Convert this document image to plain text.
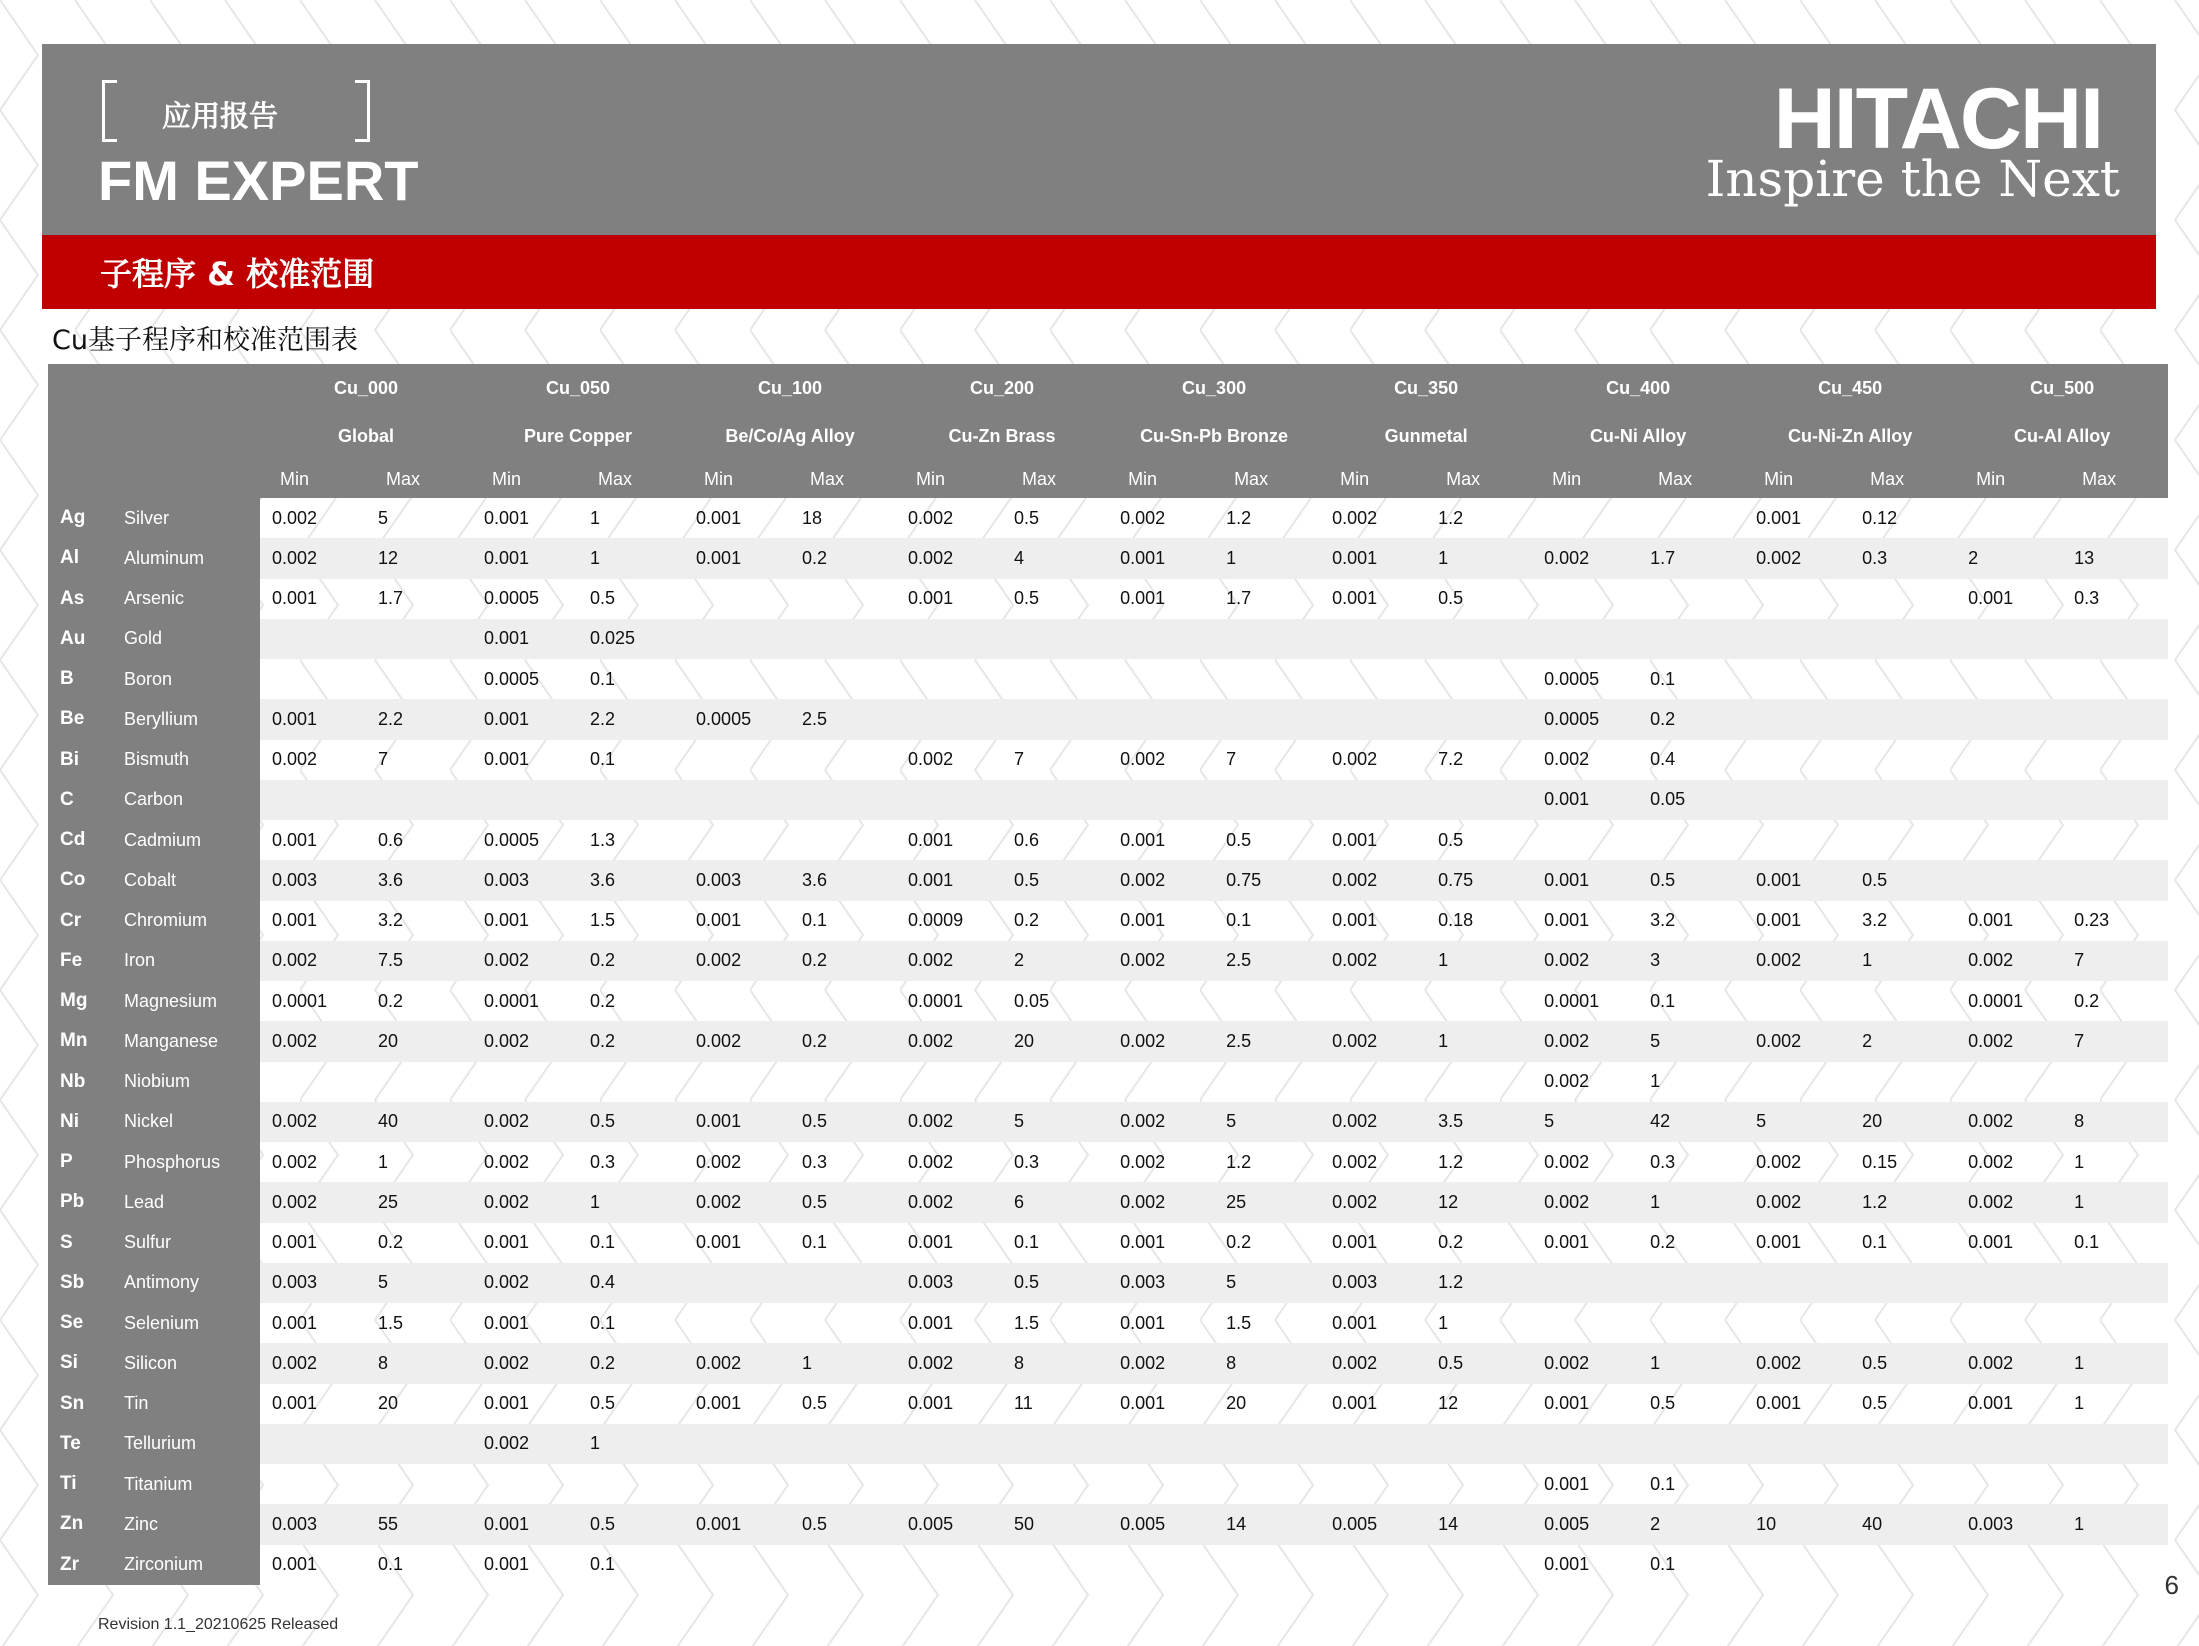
应用报告
FM EXPERT
HITACHI
Inspire the Next
子程序 & 校准范围
Cu基子程序和校准范围表
		Cu_000		Cu_050		Cu_100		Cu_200		Cu_300		Cu_350		Cu_400		Cu_450		Cu_500	
		Global		Pure Copper		Be/Co/Ag Alloy		Cu-Zn Brass		Cu-Sn-Pb Bronze		Gunmetal		Cu-Ni Alloy		Cu-Ni-Zn Alloy		Cu-Al Alloy	
		Min	Max	Min	Max	Min	Max	Min	Max	Min	Max	Min	Max	Min	Max	Min	Max	Min	Max
Ag	Silver	0.002	5	0.001	1	0.001	18	0.002	0.5	0.002	1.2	0.002	1.2			0.001	0.12		
Al	Aluminum	0.002	12	0.001	1	0.001	0.2	0.002	4	0.001	1	0.001	1	0.002	1.7	0.002	0.3	2	13
As	Arsenic	0.001	1.7	0.0005	0.5			0.001	0.5	0.001	1.7	0.001	0.5					0.001	0.3
Au	Gold			0.001	0.025														
B	Boron			0.0005	0.1									0.0005	0.1				
Be	Beryllium	0.001	2.2	0.001	2.2	0.0005	2.5							0.0005	0.2				
Bi	Bismuth	0.002	7	0.001	0.1			0.002	7	0.002	7	0.002	7.2	0.002	0.4				
C	Carbon													0.001	0.05				
Cd	Cadmium	0.001	0.6	0.0005	1.3			0.001	0.6	0.001	0.5	0.001	0.5						
Co	Cobalt	0.003	3.6	0.003	3.6	0.003	3.6	0.001	0.5	0.002	0.75	0.002	0.75	0.001	0.5	0.001	0.5		
Cr	Chromium	0.001	3.2	0.001	1.5	0.001	0.1	0.0009	0.2	0.001	0.1	0.001	0.18	0.001	3.2	0.001	3.2	0.001	0.23
Fe	Iron	0.002	7.5	0.002	0.2	0.002	0.2	0.002	2	0.002	2.5	0.002	1	0.002	3	0.002	1	0.002	7
Mg	Magnesium	0.0001	0.2	0.0001	0.2			0.0001	0.05					0.0001	0.1			0.0001	0.2
Mn	Manganese	0.002	20	0.002	0.2	0.002	0.2	0.002	20	0.002	2.5	0.002	1	0.002	5	0.002	2	0.002	7
Nb	Niobium													0.002	1				
Ni	Nickel	0.002	40	0.002	0.5	0.001	0.5	0.002	5	0.002	5	0.002	3.5	5	42	5	20	0.002	8
P	Phosphorus	0.002	1	0.002	0.3	0.002	0.3	0.002	0.3	0.002	1.2	0.002	1.2	0.002	0.3	0.002	0.15	0.002	1
Pb	Lead	0.002	25	0.002	1	0.002	0.5	0.002	6	0.002	25	0.002	12	0.002	1	0.002	1.2	0.002	1
S	Sulfur	0.001	0.2	0.001	0.1	0.001	0.1	0.001	0.1	0.001	0.2	0.001	0.2	0.001	0.2	0.001	0.1	0.001	0.1
Sb	Antimony	0.003	5	0.002	0.4			0.003	0.5	0.003	5	0.003	1.2						
Se	Selenium	0.001	1.5	0.001	0.1			0.001	1.5	0.001	1.5	0.001	1						
Si	Silicon	0.002	8	0.002	0.2	0.002	1	0.002	8	0.002	8	0.002	0.5	0.002	1	0.002	0.5	0.002	1
Sn	Tin	0.001	20	0.001	0.5	0.001	0.5	0.001	11	0.001	20	0.001	12	0.001	0.5	0.001	0.5	0.001	1
Te	Tellurium			0.002	1														
Ti	Titanium													0.001	0.1				
Zn	Zinc	0.003	55	0.001	0.5	0.001	0.5	0.005	50	0.005	14	0.005	14	0.005	2	10	40	0.003	1
Zr	Zirconium	0.001	0.1	0.001	0.1									0.001	0.1				
Revision 1.1_20210625 Released
6
